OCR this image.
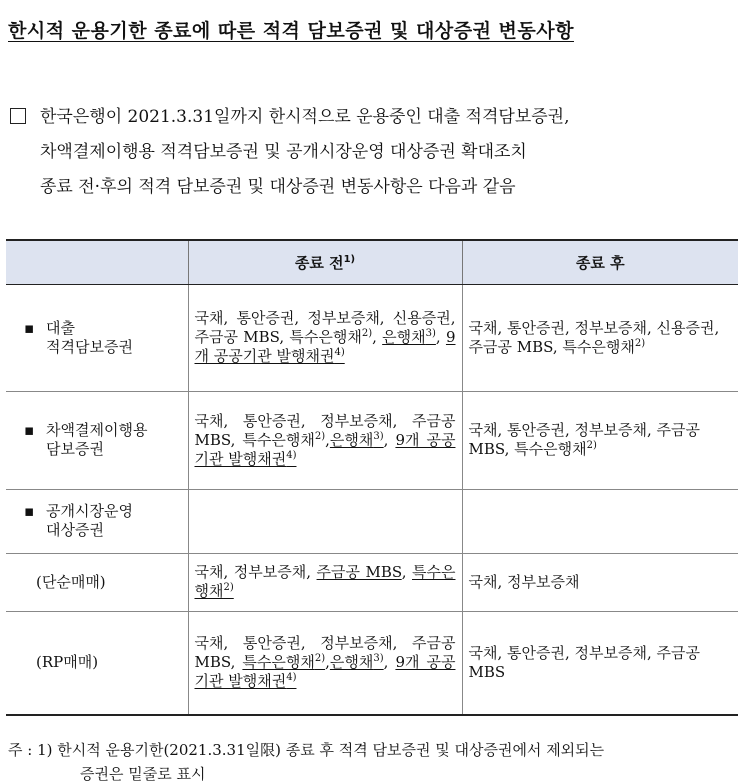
한시적 운용기한 종료에 따른 적격 담보증권 및 대상증권 변동사항
한국은행이 2021.3.31일까지 한시적으로 운용중인 대출 적격담보증권,
차액결제이행용 적격담보증권 및 공개시장운영 대상증권 확대조치
종료 전·후의 적격 담보증권 및 대상증권 변동사항은 다음과 같음
	종료 전$^{1)}$	종료 후
▪ 대출
적격담보증권	국채, 통안증권, 정부보증채, 신용증권, 주금공 MBS, 특수은행채$^{2)}$, 은행채$^{3)}$, 9개 공공기관 발행채권$^{4)}$	국채, 통안증권, 정부보증채, 신용증권, 주금공 MBS, 특수은행채$^{2)}$
▪ 차액결제이행용
담보증권	국채, 통안증권, 정부보증채, 주금공 MBS, 특수은행채$^{2)}$,은행채$^{3)}$, 9개 공공기관 발행채권$^{4)}$	국채, 통안증권, 정부보증채, 주금공 MBS, 특수은행채$^{2)}$
▪ 공개시장운영
대상증권		

(단순매매)	국채, 정부보증채, 주금공 MBS, 특수은행채$^{2)}$	국채, 정부보증채
(RP매매)	국채, 통안증권, 정부보증채, 주금공 MBS, 특수은행채$^{2)}$,은행채$^{3)}$, 9개 공공기관 발행채권$^{4)}$	국채, 통안증권, 정부보증채, 주금공 MBS
주 : 1) 한시적 운용기한(2021.3.31일限) 종료 후 적격 담보증권 및 대상증권에서 제외되는
증권은 밑줄로 표시
